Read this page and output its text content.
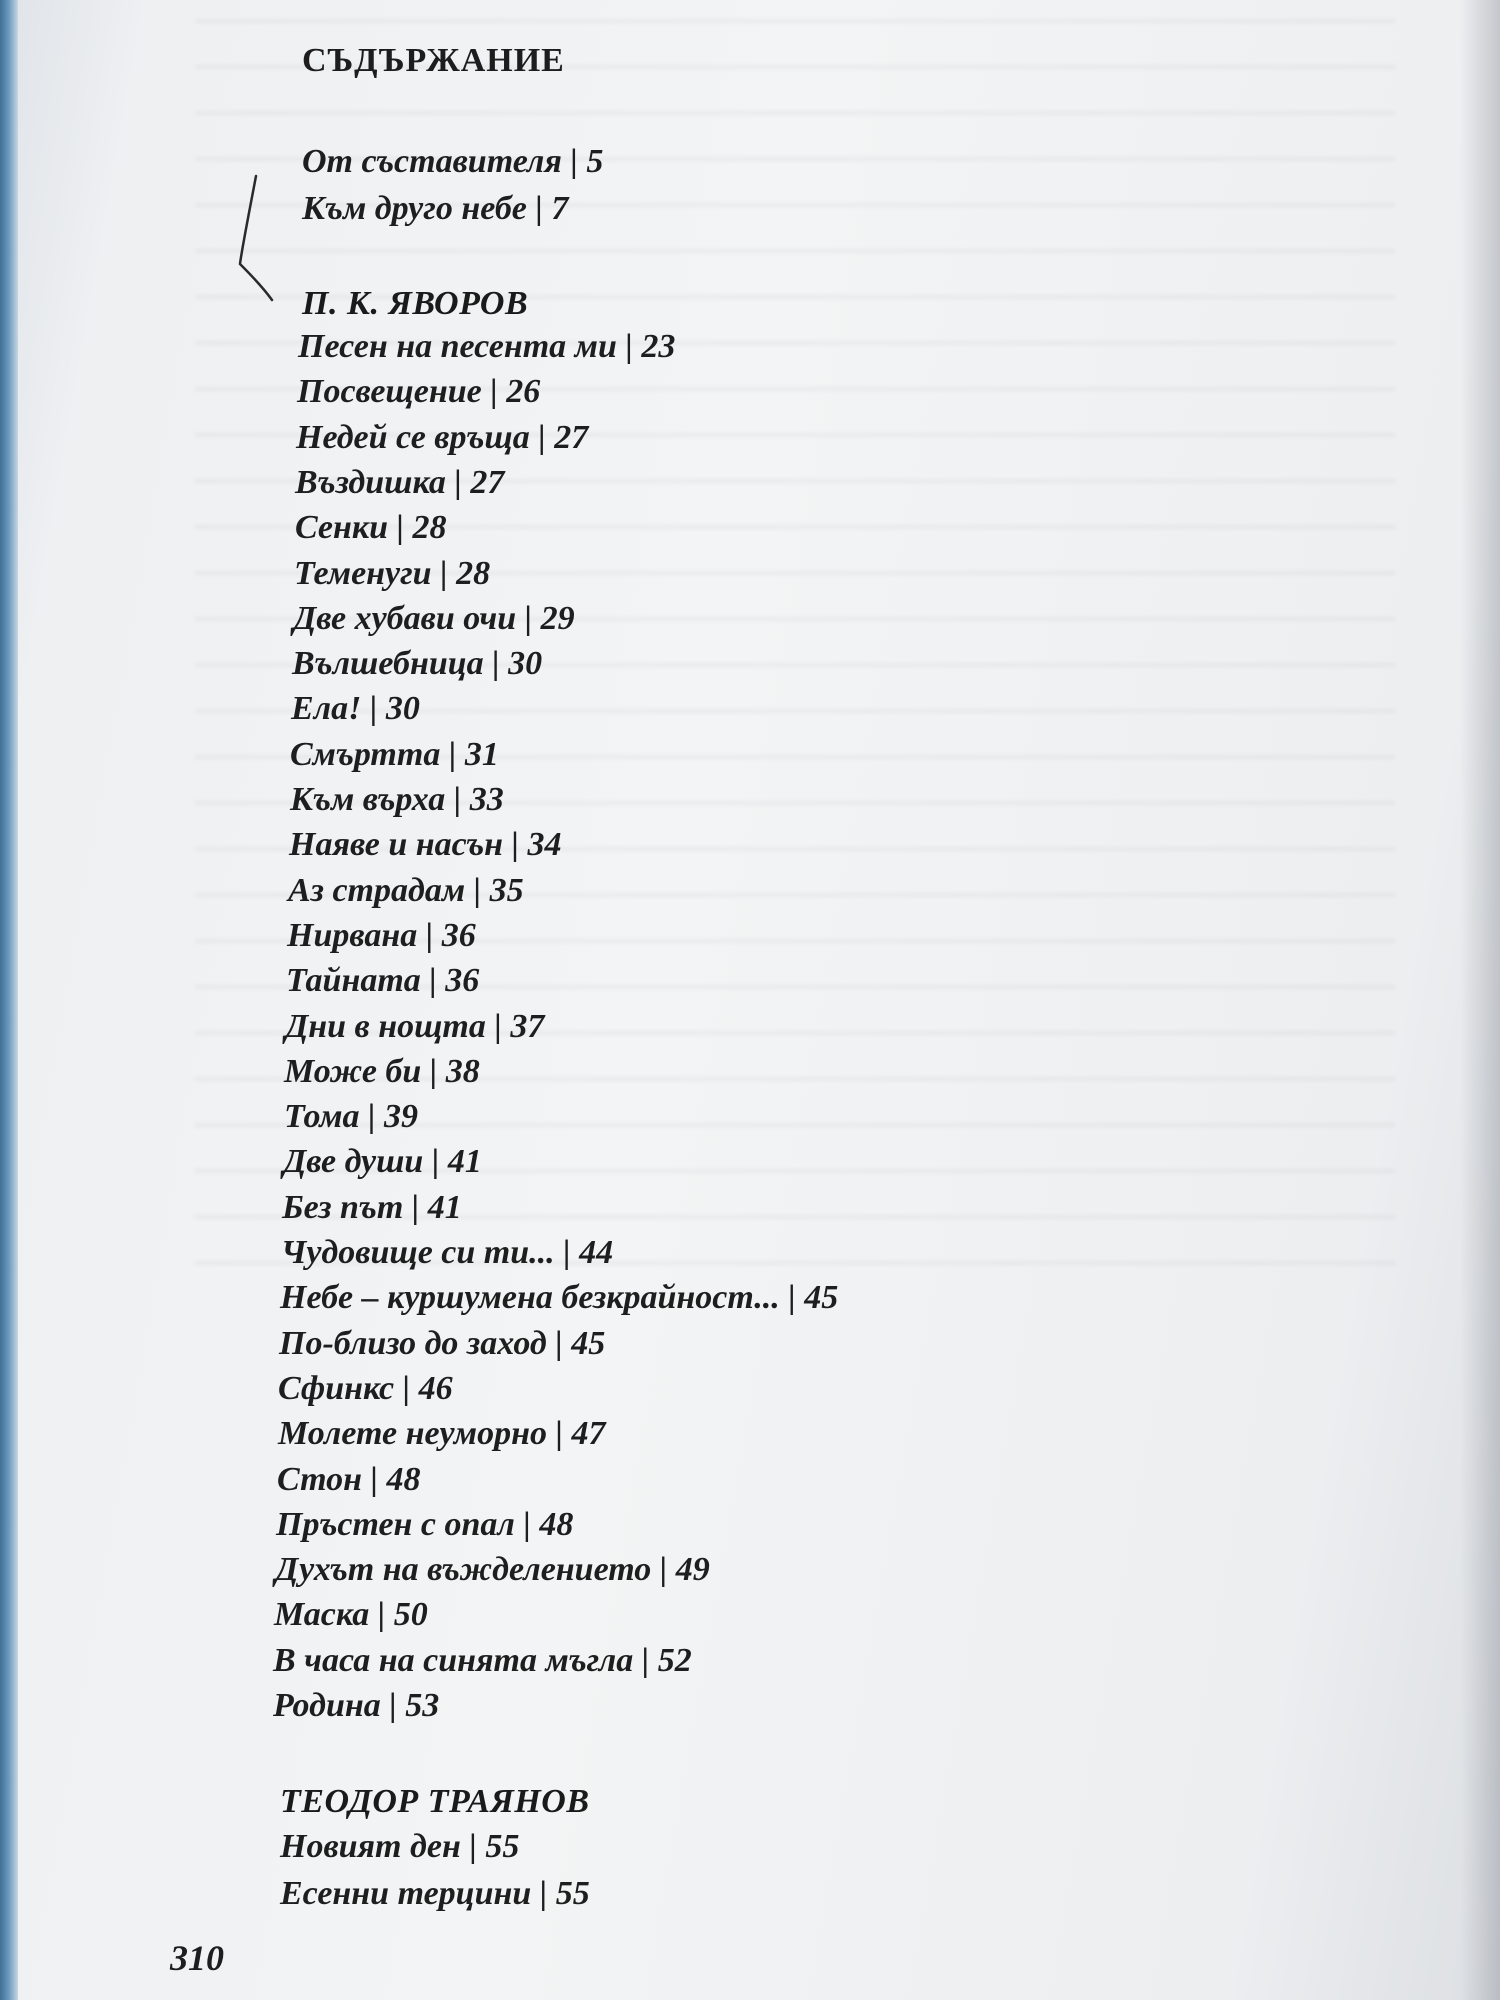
СЪДЪРЖАНИЕ
От съставителя | 5
Към друго небе | 7
П. К. ЯВОРОВ
Песен на песента ми | 23
Посвещение | 26
Недей се връща | 27
Въздишка | 27
Сенки | 28
Теменуги | 28
Две хубави очи | 29
Вълшебница | 30
Ела! | 30
Смъртта | 31
Към върха | 33
Наяве и насън | 34
Аз страдам | 35
Нирвана | 36
Тайната | 36
Дни в нощта | 37
Може би | 38
Тома | 39
Две души | 41
Без път | 41
Чудовище си ти... | 44
Небе – куршумена безкрайност... | 45
По-близо до заход | 45
Сфинкс | 46
Молете неуморно | 47
Стон | 48
Пръстен с опал | 48
Духът на въжделението | 49
Маска | 50
В часа на синята мъгла | 52
Родина | 53
ТЕОДОР ТРАЯНОВ
Новият ден | 55
Есенни терцини | 55
310
